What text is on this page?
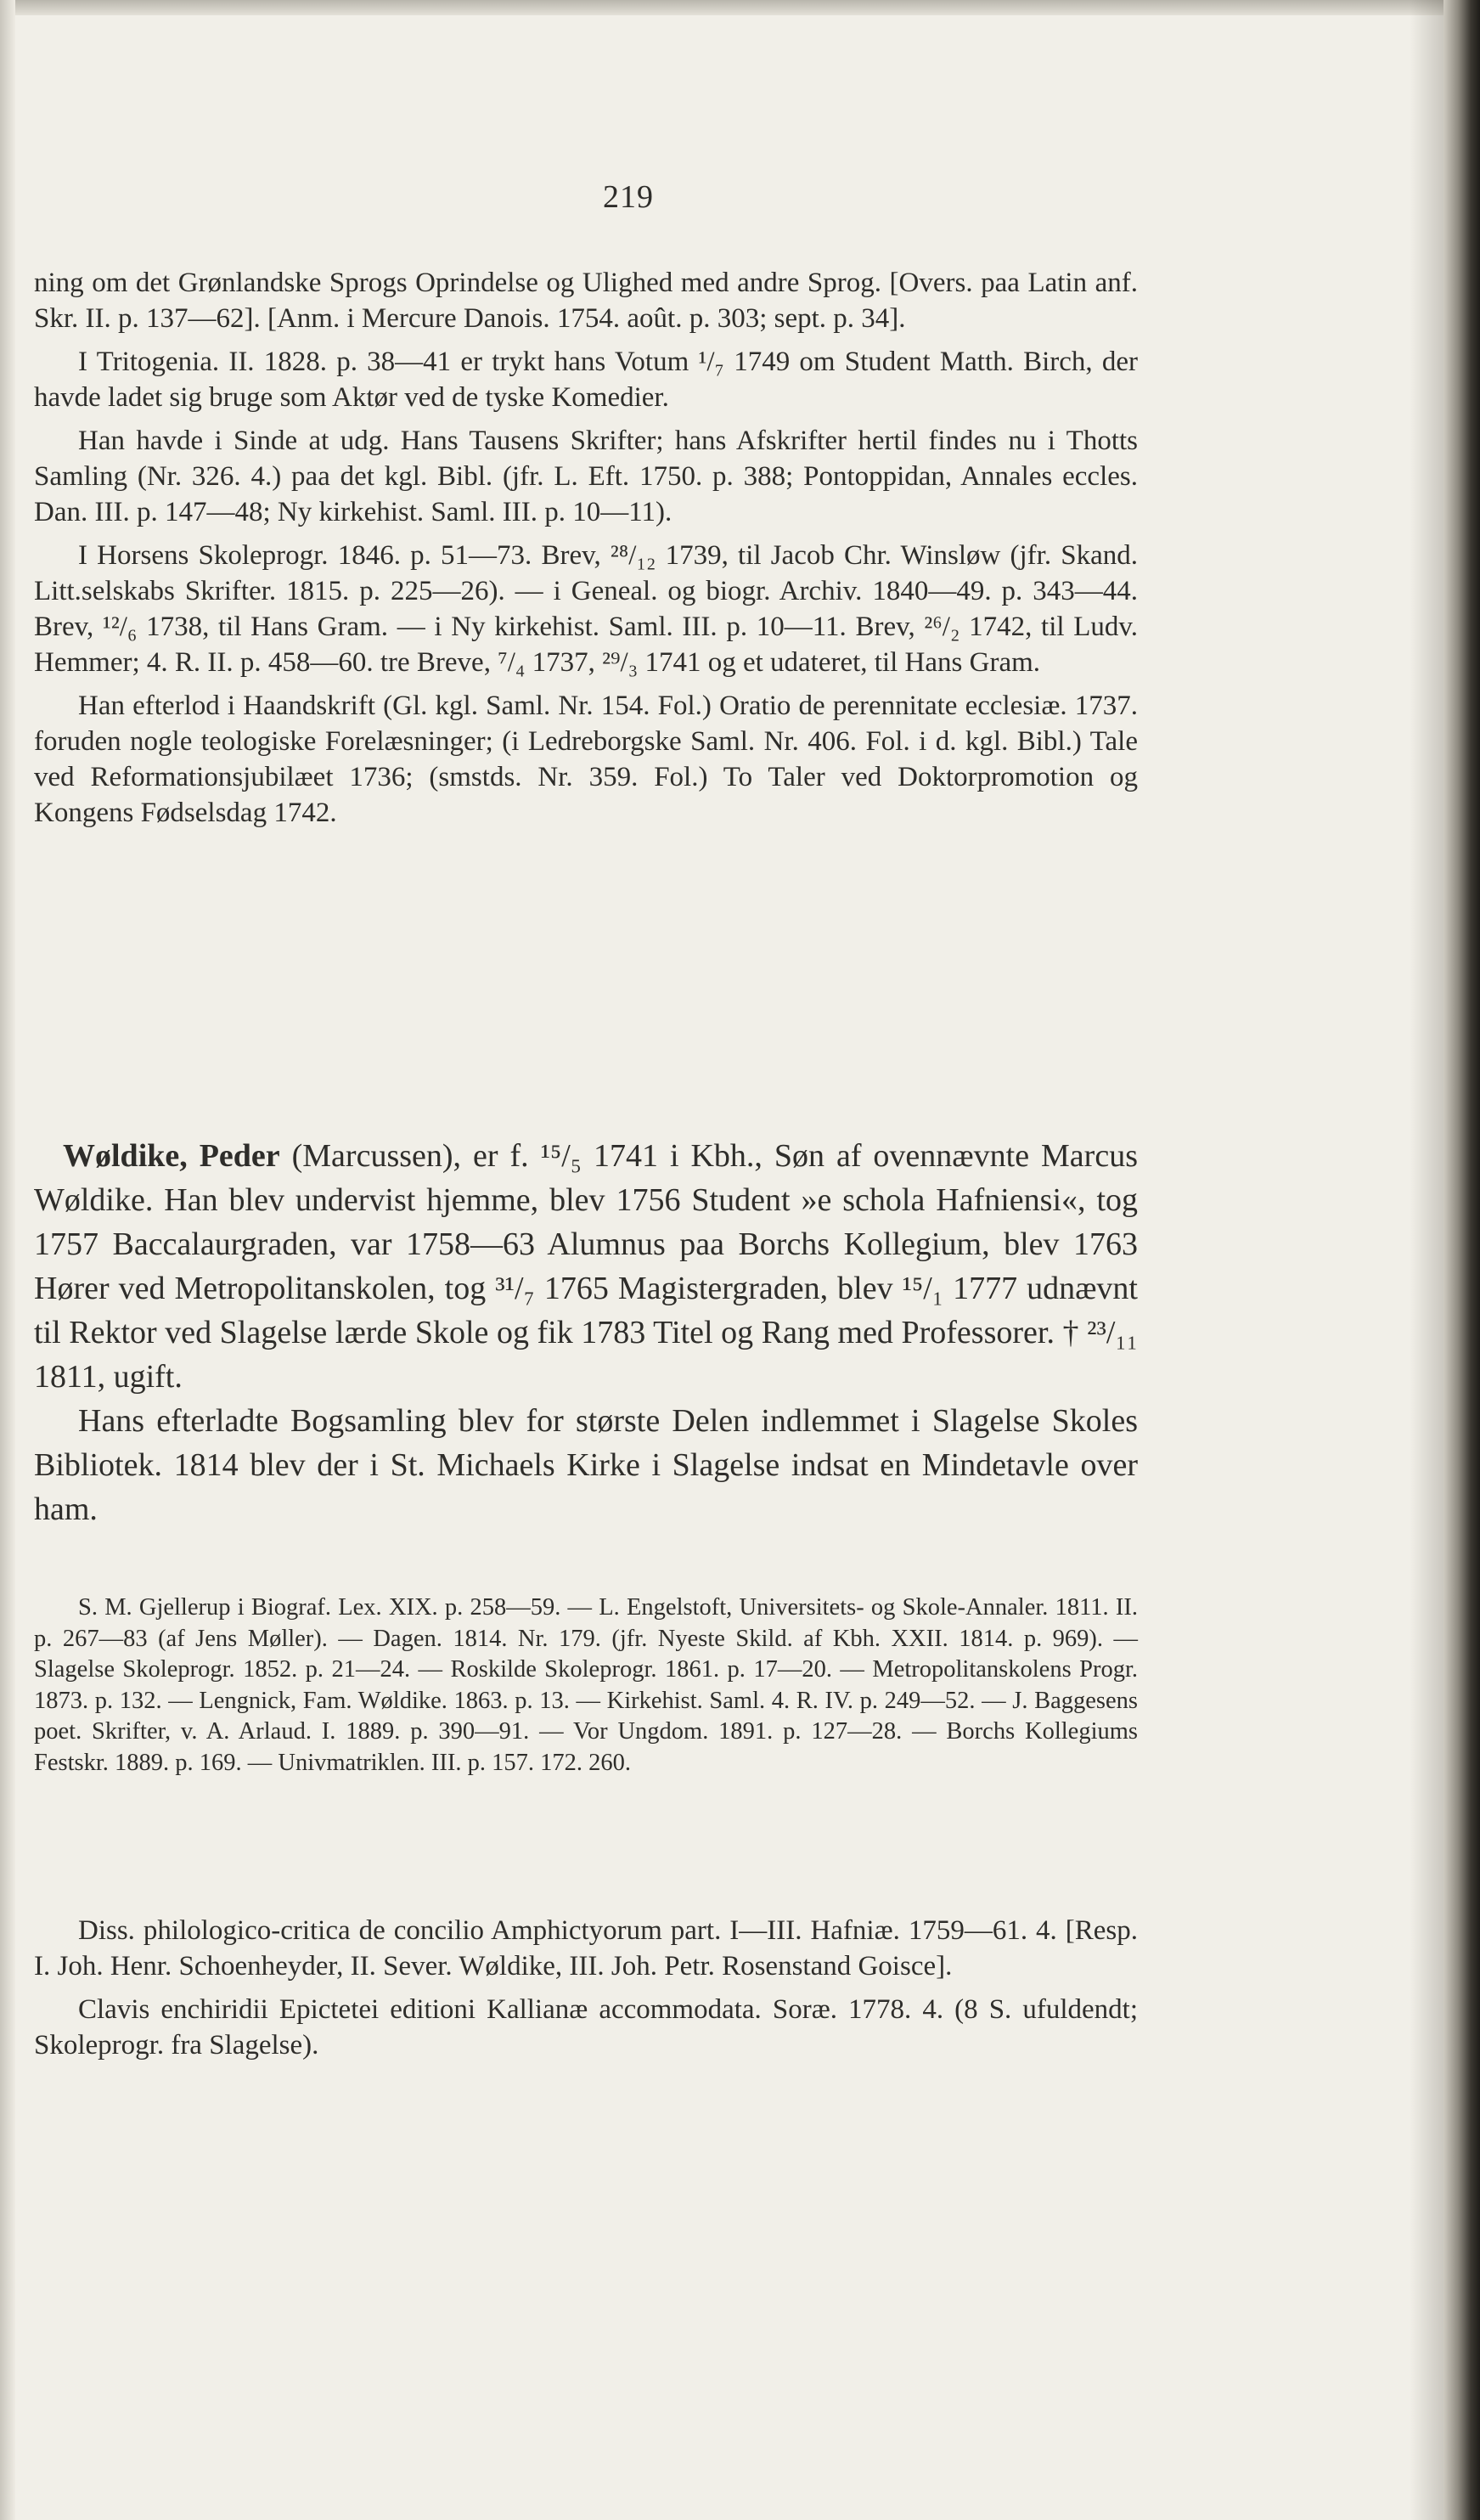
219

ning om det Grønlandske Sprogs Oprindelse og Ulighed med andre Sprog. [Overs. paa Latin anf. Skr. II. p. 137—62]. [Anm. i Mercure Danois. 1754. août. p. 303; sept. p. 34].

I Tritogenia. II. 1828. p. 38—41 er trykt hans Votum ¹/₇ 1749 om Student Matth. Birch, der havde ladet sig bruge som Aktør ved de tyske Komedier.

Han havde i Sinde at udg. Hans Tausens Skrifter; hans Afskrifter hertil findes nu i Thotts Samling (Nr. 326. 4.) paa det kgl. Bibl. (jfr. L. Eft. 1750. p. 388; Pontoppidan, Annales eccles. Dan. III. p. 147—48; Ny kirkehist. Saml. III. p. 10—11).

I Horsens Skoleprogr. 1846. p. 51—73. Brev, ²⁸/₁₂ 1739, til Jacob Chr. Winsløw (jfr. Skand. Litt.selskabs Skrifter. 1815. p. 225—26). — i Geneal. og biogr. Archiv. 1840—49. p. 343—44. Brev, ¹²/₆ 1738, til Hans Gram. — i Ny kirkehist. Saml. III. p. 10—11. Brev, ²⁶/₂ 1742, til Ludv. Hemmer; 4. R. II. p. 458—60. tre Breve, ⁷/₄ 1737, ²⁹/₃ 1741 og et udateret, til Hans Gram.

Han efterlod i Haandskrift (Gl. kgl. Saml. Nr. 154. Fol.) Oratio de perennitate ecclesiæ. 1737. foruden nogle teologiske Forelæsninger; (i Ledreborgske Saml. Nr. 406. Fol. i d. kgl. Bibl.) Tale ved Reformationsjubilæet 1736; (smstds. Nr. 359. Fol.) To Taler ved Doktorpromotion og Kongens Fødselsdag 1742.

Wøldike, Peder (Marcussen), er f. ¹⁵/₅ 1741 i Kbh., Søn af ovennævnte Marcus Wøldike. Han blev undervist hjemme, blev 1756 Student »e schola Hafniensi«, tog 1757 Baccalaurgraden, var 1758—63 Alumnus paa Borchs Kollegium, blev 1763 Hører ved Metropolitanskolen, tog ³¹/₇ 1765 Magistergraden, blev ¹⁵/₁ 1777 udnævnt til Rektor ved Slagelse lærde Skole og fik 1783 Titel og Rang med Professorer. † ²³/₁₁ 1811, ugift.

Hans efterladte Bogsamling blev for største Delen indlemmet i Slagelse Skoles Bibliotek. 1814 blev der i St. Michaels Kirke i Slagelse indsat en Mindetavle over ham.

S. M. Gjellerup i Biograf. Lex. XIX. p. 258—59. — L. Engelstoft, Universitets- og Skole-Annaler. 1811. II. p. 267—83 (af Jens Møller). — Dagen. 1814. Nr. 179. (jfr. Nyeste Skild. af Kbh. XXII. 1814. p. 969). — Slagelse Skoleprogr. 1852. p. 21—24. — Roskilde Skoleprogr. 1861. p. 17—20. — Metropolitanskolens Progr. 1873. p. 132. — Lengnick, Fam. Wøldike. 1863. p. 13. — Kirkehist. Saml. 4. R. IV. p. 249—52. — J. Baggesens poet. Skrifter, v. A. Arlaud. I. 1889. p. 390—91. — Vor Ungdom. 1891. p. 127—28. — Borchs Kollegiums Festskr. 1889. p. 169. — Univmatriklen. III. p. 157. 172. 260.

Diss. philologico-critica de concilio Amphictyorum part. I—III. Hafniæ. 1759—61. 4. [Resp. I. Joh. Henr. Schoenheyder, II. Sever. Wøldike, III. Joh. Petr. Rosenstand Goisce].

Clavis enchiridii Epictetei editioni Kallianæ accommodata. Soræ. 1778. 4. (8 S. ufuldendt; Skoleprogr. fra Slagelse).
